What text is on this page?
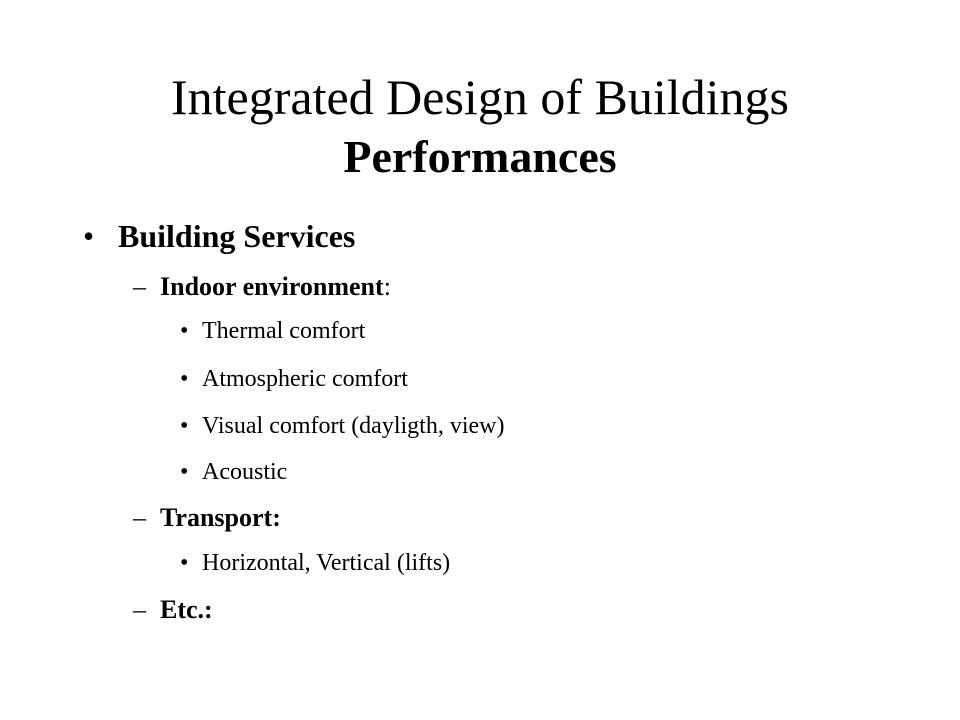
Integrated Design of Buildings
Performances
• Building Services
– Indoor environment:
• Thermal comfort
• Atmospheric comfort
• Visual comfort (dayligth, view)
• Acoustic
– Transport:
• Horizontal, Vertical (lifts)
– Etc.:
